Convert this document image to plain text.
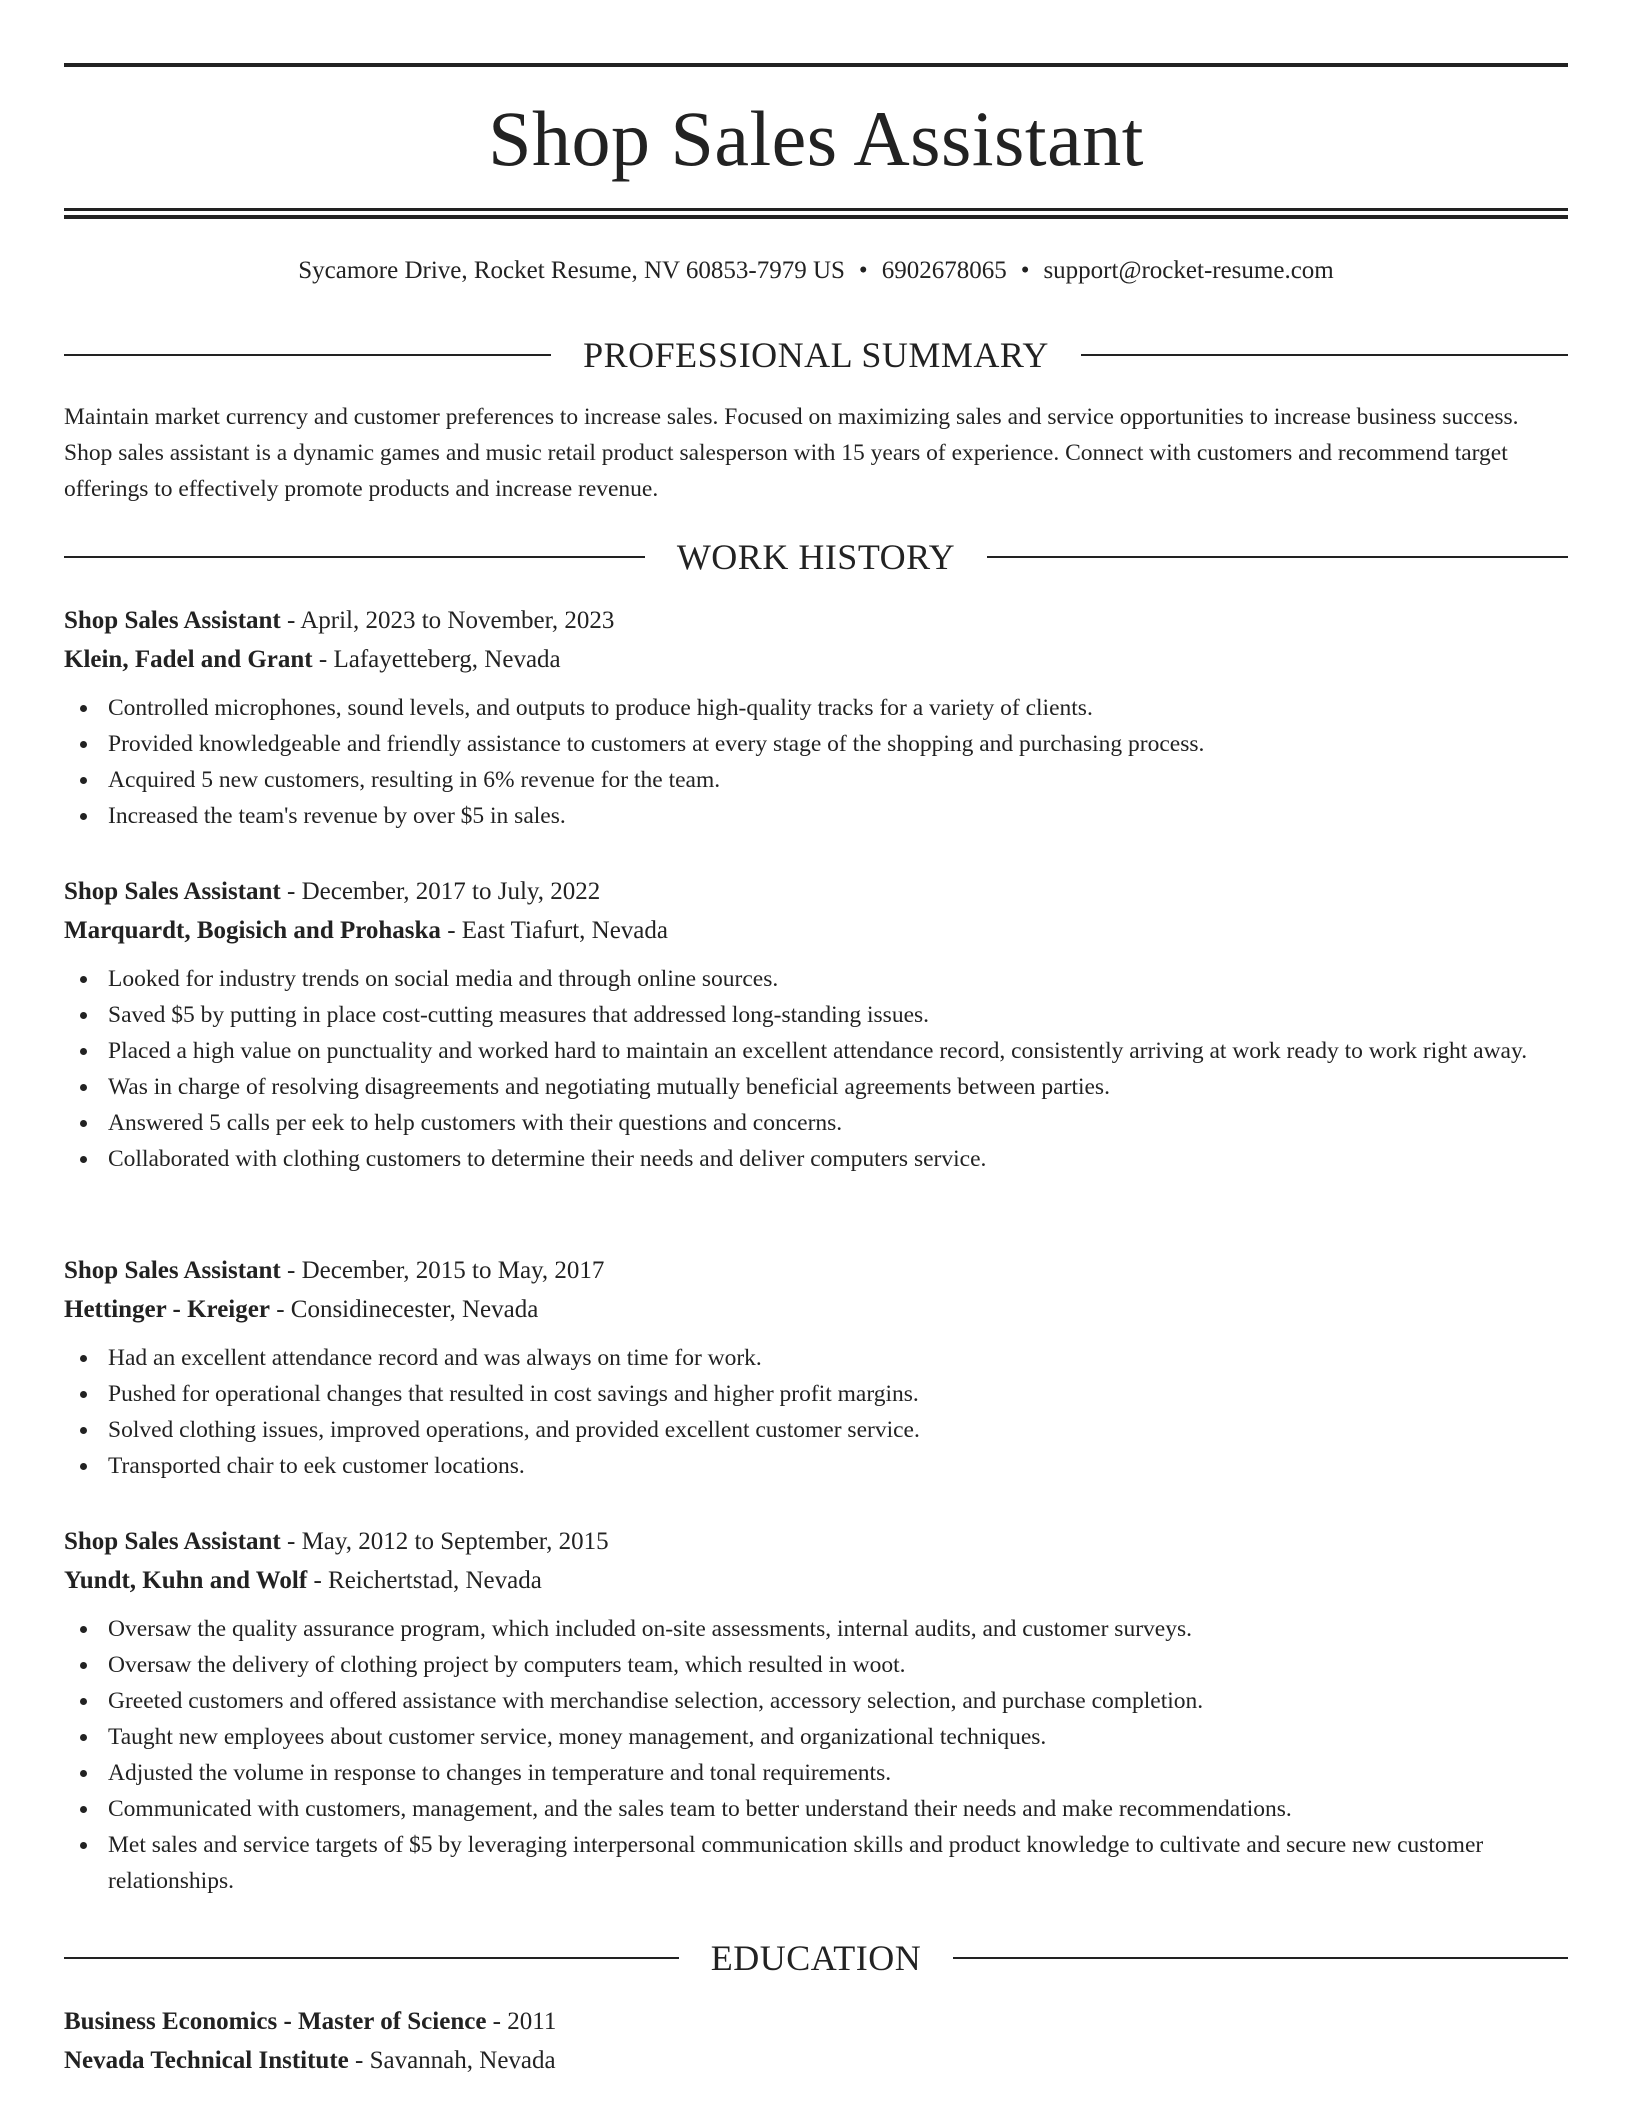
Shop Sales Assistant
Sycamore Drive, Rocket Resume, NV 60853-7979 US • 6902678065 • support@rocket-resume.com
PROFESSIONAL SUMMARY

Maintain market currency and customer preferences to increase sales. Focused on maximizing sales and service opportunities to increase business success. Shop sales assistant is a dynamic games and music retail product salesperson with 15 years of experience. Connect with customers and recommend target offerings to effectively promote products and increase revenue.

WORK HISTORY
Shop Sales Assistant - April, 2023 to November, 2023
Klein, Fadel and Grant - Lafayetteberg, Nevada
Controlled microphones, sound levels, and outputs to produce high-quality tracks for a variety of clients.
Provided knowledgeable and friendly assistance to customers at every stage of the shopping and purchasing process.
Acquired 5 new customers, resulting in 6% revenue for the team.
Increased the team's revenue by over $5 in sales.
Shop Sales Assistant - December, 2017 to July, 2022
Marquardt, Bogisich and Prohaska - East Tiafurt, Nevada
Looked for industry trends on social media and through online sources.
Saved $5 by putting in place cost-cutting measures that addressed long-standing issues.
Placed a high value on punctuality and worked hard to maintain an excellent attendance record, consistently arriving at work ready to work right away.
Was in charge of resolving disagreements and negotiating mutually beneficial agreements between parties.
Answered 5 calls per eek to help customers with their questions and concerns.
Collaborated with clothing customers to determine their needs and deliver computers service.
Shop Sales Assistant - December, 2015 to May, 2017
Hettinger - Kreiger - Considinecester, Nevada
Had an excellent attendance record and was always on time for work.
Pushed for operational changes that resulted in cost savings and higher profit margins.
Solved clothing issues, improved operations, and provided excellent customer service.
Transported chair to eek customer locations.
Shop Sales Assistant - May, 2012 to September, 2015
Yundt, Kuhn and Wolf - Reichertstad, Nevada
Oversaw the quality assurance program, which included on-site assessments, internal audits, and customer surveys.
Oversaw the delivery of clothing project by computers team, which resulted in woot.
Greeted customers and offered assistance with merchandise selection, accessory selection, and purchase completion.
Taught new employees about customer service, money management, and organizational techniques.
Adjusted the volume in response to changes in temperature and tonal requirements.
Communicated with customers, management, and the sales team to better understand their needs and make recommendations.
Met sales and service targets of $5 by leveraging interpersonal communication skills and product knowledge to cultivate and secure new customer relationships.
EDUCATION
Business Economics - Master of Science - 2011
Nevada Technical Institute - Savannah, Nevada
